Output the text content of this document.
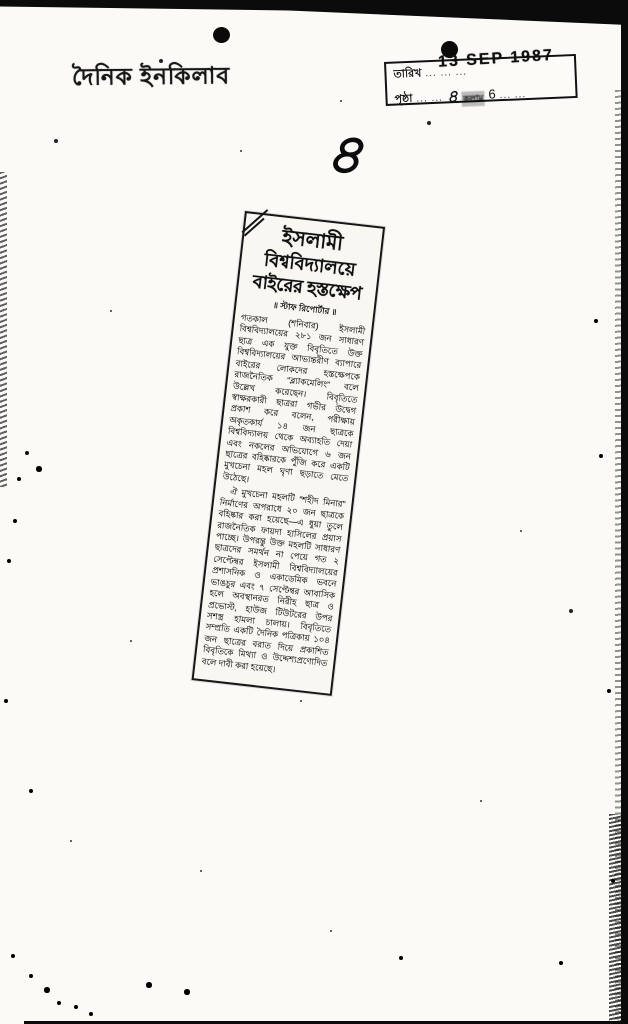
দৈনিক ইনকিলাব
13 SEP 1987
তারিখ ... ... ...
পৃষ্ঠা ... ... ৪ কলাম 6 ... ...
৪
ইসলামী
বিশ্ববিদ্যালয়ে
বাইরের হস্তক্ষেপ
॥ স্টাফ রিপোর্টার ॥

গতকাল (শনিবার) ইসলামী বিশ্ববিদ্যালয়ের ২৮১ জন সাধারণ ছাত্র এক যুক্ত বিবৃতিতে উক্ত বিশ্ববিদ্যালয়ের আভ্যন্তরীণ ব্যাপারে বাইরের লোকদের হস্তক্ষেপকে রাজনৈতিক “ব্ল্যাকমেলিং” বলে উল্লেখ করেছেন। বিবৃতিতে স্বাক্ষরকারী ছাত্ররা গভীর উদ্বেগ প্রকাশ করে বলেন, পরীক্ষায় অকৃতকার্য ১৪ জন ছাত্রকে বিশ্ববিদ্যালয় থেকে অব্যাহতি দেয়া এবং নকলের অভিযোগে ৬ জন ছাত্রের বহিষ্কারকে পুঁজি করে একটি মুখচেনা মহল ঘৃণা ছড়াতে মেতে উঠেছে।

ঐ মুখচেনা মহলটি “শহীদ মিনার” নির্মাণের অপরাধে ২০ জন ছাত্রকে বহিষ্কার করা হয়েছে—এ ধুয়া তুলে রাজনৈতিক ফায়দা হাসিলের প্রয়াস পাচ্ছে। উপরন্তু উক্ত মহলটি সাধারণ ছাত্রদের সমর্থন না পেয়ে গত ২ সেপ্টেম্বর ইসলামী বিশ্ববিদ্যালয়ের প্রশাসনিক ও একাডেমিক ভবনে ভাঙচুর এবং ৭ সেপ্টেম্বর আবাসিক হলে অবস্থানরত নিরীহ ছাত্র ও প্রভোস্ট, হাউজ টিউটরের উপর সশস্ত্র হামলা চালায়। বিবৃতিতে সম্প্রতি একটি দৈনিক পত্রিকায় ১০৪ জন ছাত্রের বরাত দিয়ে প্রকাশিত বিবৃতিকে মিথ্যা ও উদ্দেশ্যপ্রণোদিত বলে দাবী করা হয়েছে।
